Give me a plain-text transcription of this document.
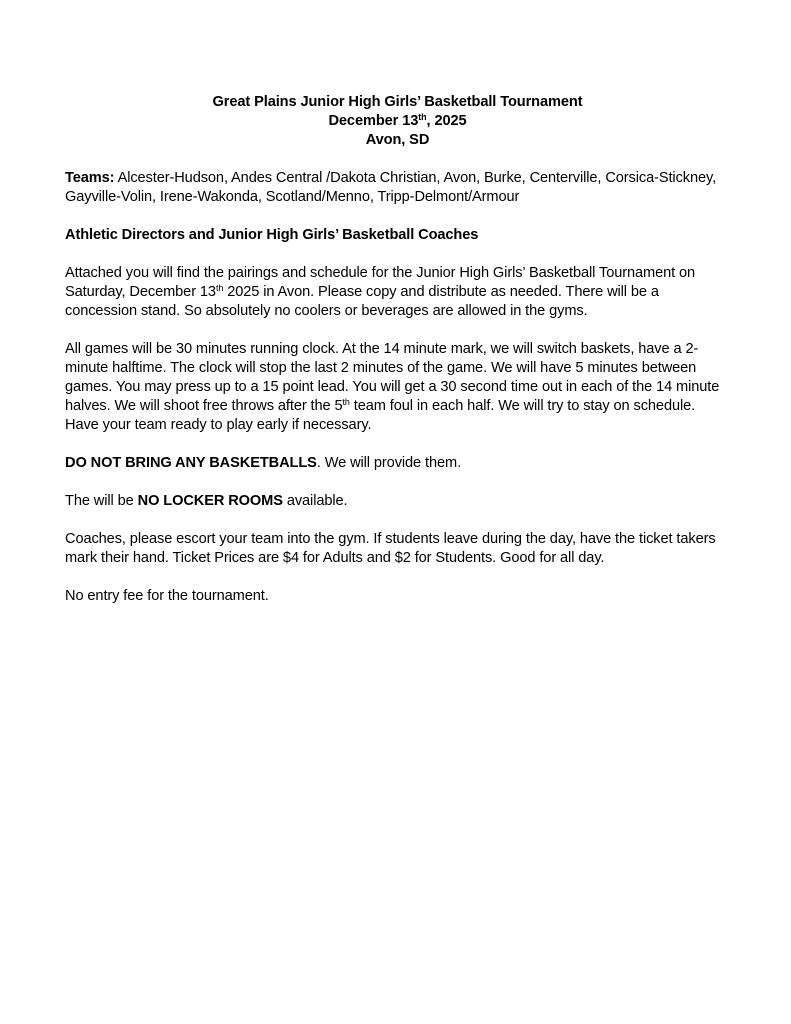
Great Plains Junior High Girls’ Basketball Tournament
December 13th, 2025
Avon, SD

Teams: Alcester-Hudson, Andes Central /Dakota Christian, Avon, Burke, Centerville, Corsica-Stickney, Gayville-Volin, Irene-Wakonda, Scotland/Menno, Tripp-Delmont/Armour

Athletic Directors and Junior High Girls’ Basketball Coaches

Attached you will find the pairings and schedule for the Junior High Girls’ Basketball Tournament on Saturday, December 13th 2025 in Avon. Please copy and distribute as needed. There will be a concession stand. So absolutely no coolers or beverages are allowed in the gyms.

All games will be 30 minutes running clock. At the 14 minute mark, we will switch baskets, have a 2-minute halftime. The clock will stop the last 2 minutes of the game. We will have 5 minutes between games. You may press up to a 15 point lead. You will get a 30 second time out in each of the 14 minute halves. We will shoot free throws after the 5th team foul in each half. We will try to stay on schedule. Have your team ready to play early if necessary.

DO NOT BRING ANY BASKETBALLS. We will provide them.

The will be NO LOCKER ROOMS available.

Coaches, please escort your team into the gym. If students leave during the day, have the ticket takers mark their hand. Ticket Prices are $4 for Adults and $2 for Students. Good for all day.

No entry fee for the tournament.
